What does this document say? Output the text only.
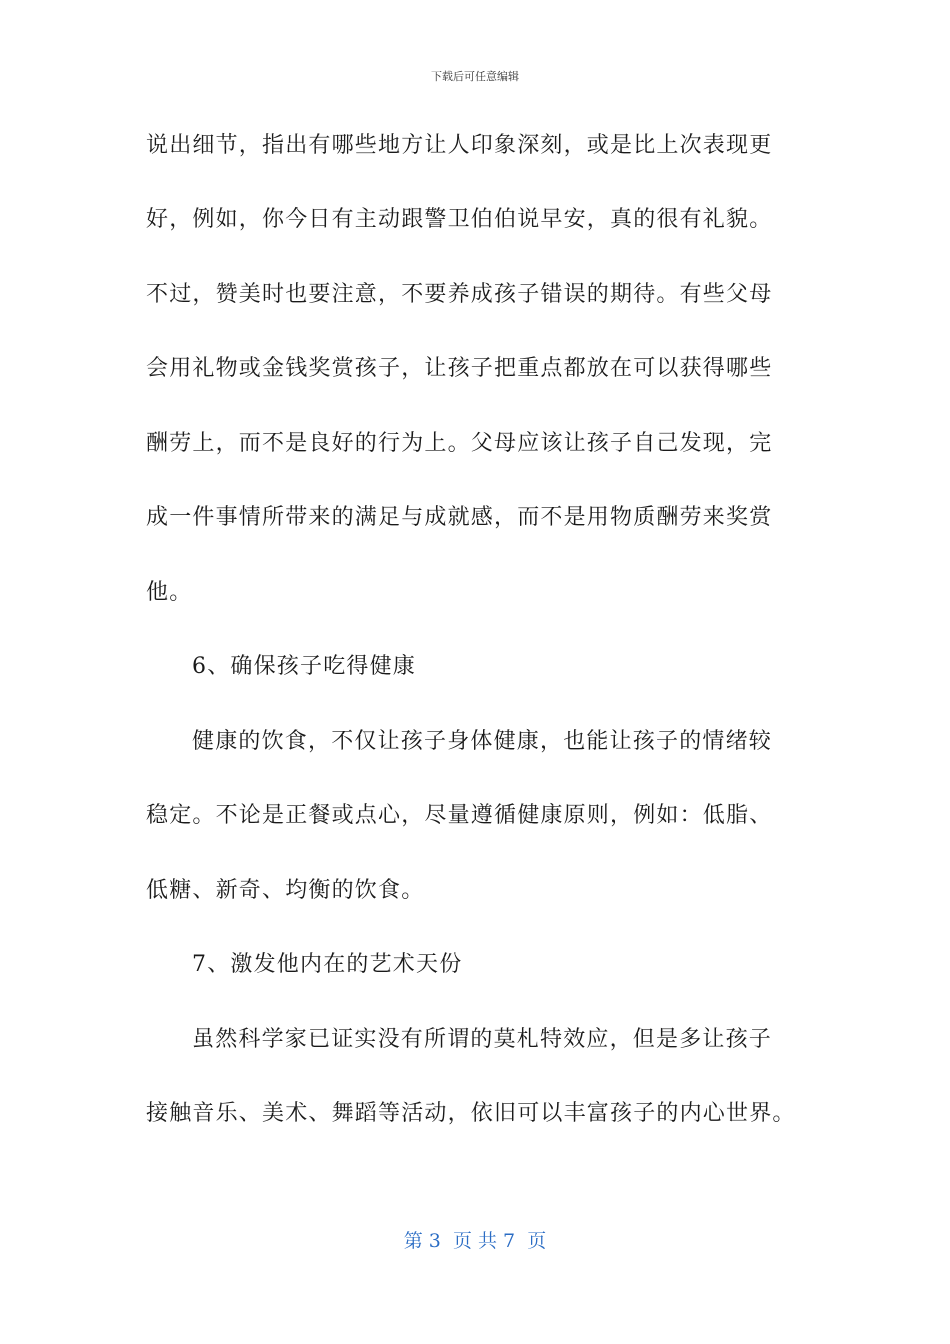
下载后可任意编辑
说出细节，指出有哪些地方让人印象深刻，或是比上次表现更
好，例如，你今日有主动跟警卫伯伯说早安，真的很有礼貌。
不过，赞美时也要注意，不要养成孩子错误的期待。有些父母
会用礼物或金钱奖赏孩子，让孩子把重点都放在可以获得哪些
酬劳上，而不是良好的行为上。父母应该让孩子自己发现，完
成一件事情所带来的满足与成就感，而不是用物质酬劳来奖赏
他。
6、确保孩子吃得健康
健康的饮食，不仅让孩子身体健康，也能让孩子的情绪较
稳定。不论是正餐或点心，尽量遵循健康原则，例如：低脂、
低糖、新奇、均衡的饮食。
7、激发他内在的艺术天份
虽然科学家已证实没有所谓的莫札特效应，但是多让孩子
接触音乐、美术、舞蹈等活动，依旧可以丰富孩子的内心世界。
第 3  页 共 7  页
